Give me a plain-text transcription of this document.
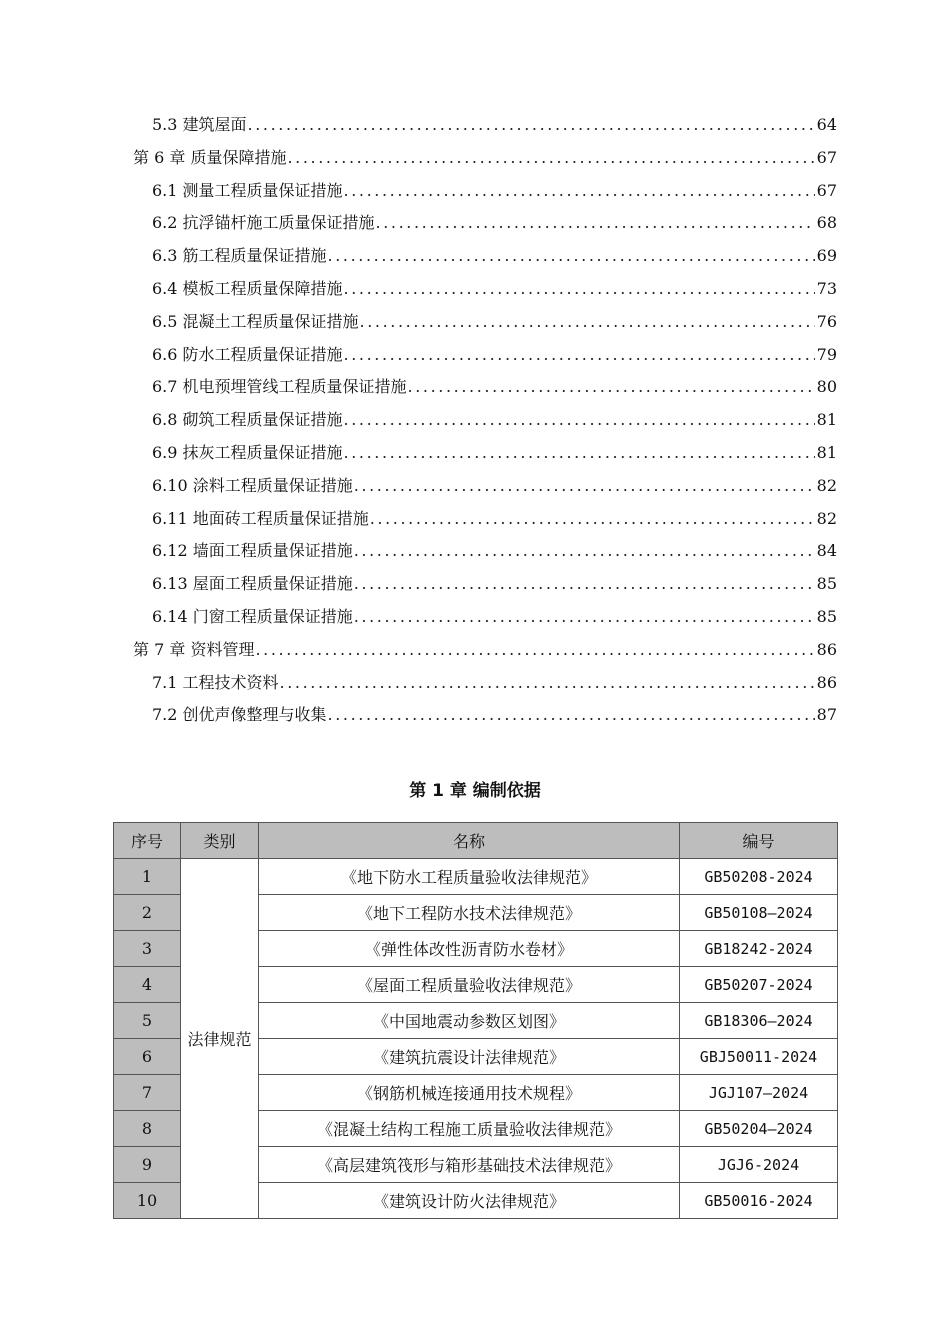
5.3 建筑屋面 .....	64
第 6 章 质量保障措施 .....	67
6.1 测量工程质量保证措施 .....	67
6.2 抗浮锚杆施工质量保证措施 .....	68
6.3 筋工程质量保证措施 .....	69
6.4 模板工程质量保障措施 .....	73
6.5 混凝土工程质量保证措施 .....	76
6.6 防水工程质量保证措施 .....	79
6.7 机电预埋管线工程质量保证措施 .....	80
6.8 砌筑工程质量保证措施 .....	81
6.9 抹灰工程质量保证措施 .....	81
6.10 涂料工程质量保证措施 .....	82
6.11 地面砖工程质量保证措施 .....	82
6.12 墙面工程质量保证措施 .....	84
6.13 屋面工程质量保证措施 .....	85
6.14 门窗工程质量保证措施 .....	85
第 7 章 资料管理 .....	86
7.1 工程技术资料 .....	86
7.2 创优声像整理与收集 .....	87
第 1 章 编制依据
序号	类别	名称	编号
1	法律规范	《地下防水工程质量验收法律规范》	GB50208-2024
2		《地下工程防水技术法律规范》	GB50108—2024
3		《弹性体改性沥青防水卷材》	GB18242-2024
4		《屋面工程质量验收法律规范》	GB50207-2024
5		《中国地震动参数区划图》	GB18306—2024
6		《建筑抗震设计法律规范》	GBJ50011-2024
7		《钢筋机械连接通用技术规程》	JGJ107—2024
8		《混凝土结构工程施工质量验收法律规范》	GB50204—2024
9		《高层建筑筏形与箱形基础技术法律规范》	JGJ6-2024
10		《建筑设计防火法律规范》	GB50016-2024
